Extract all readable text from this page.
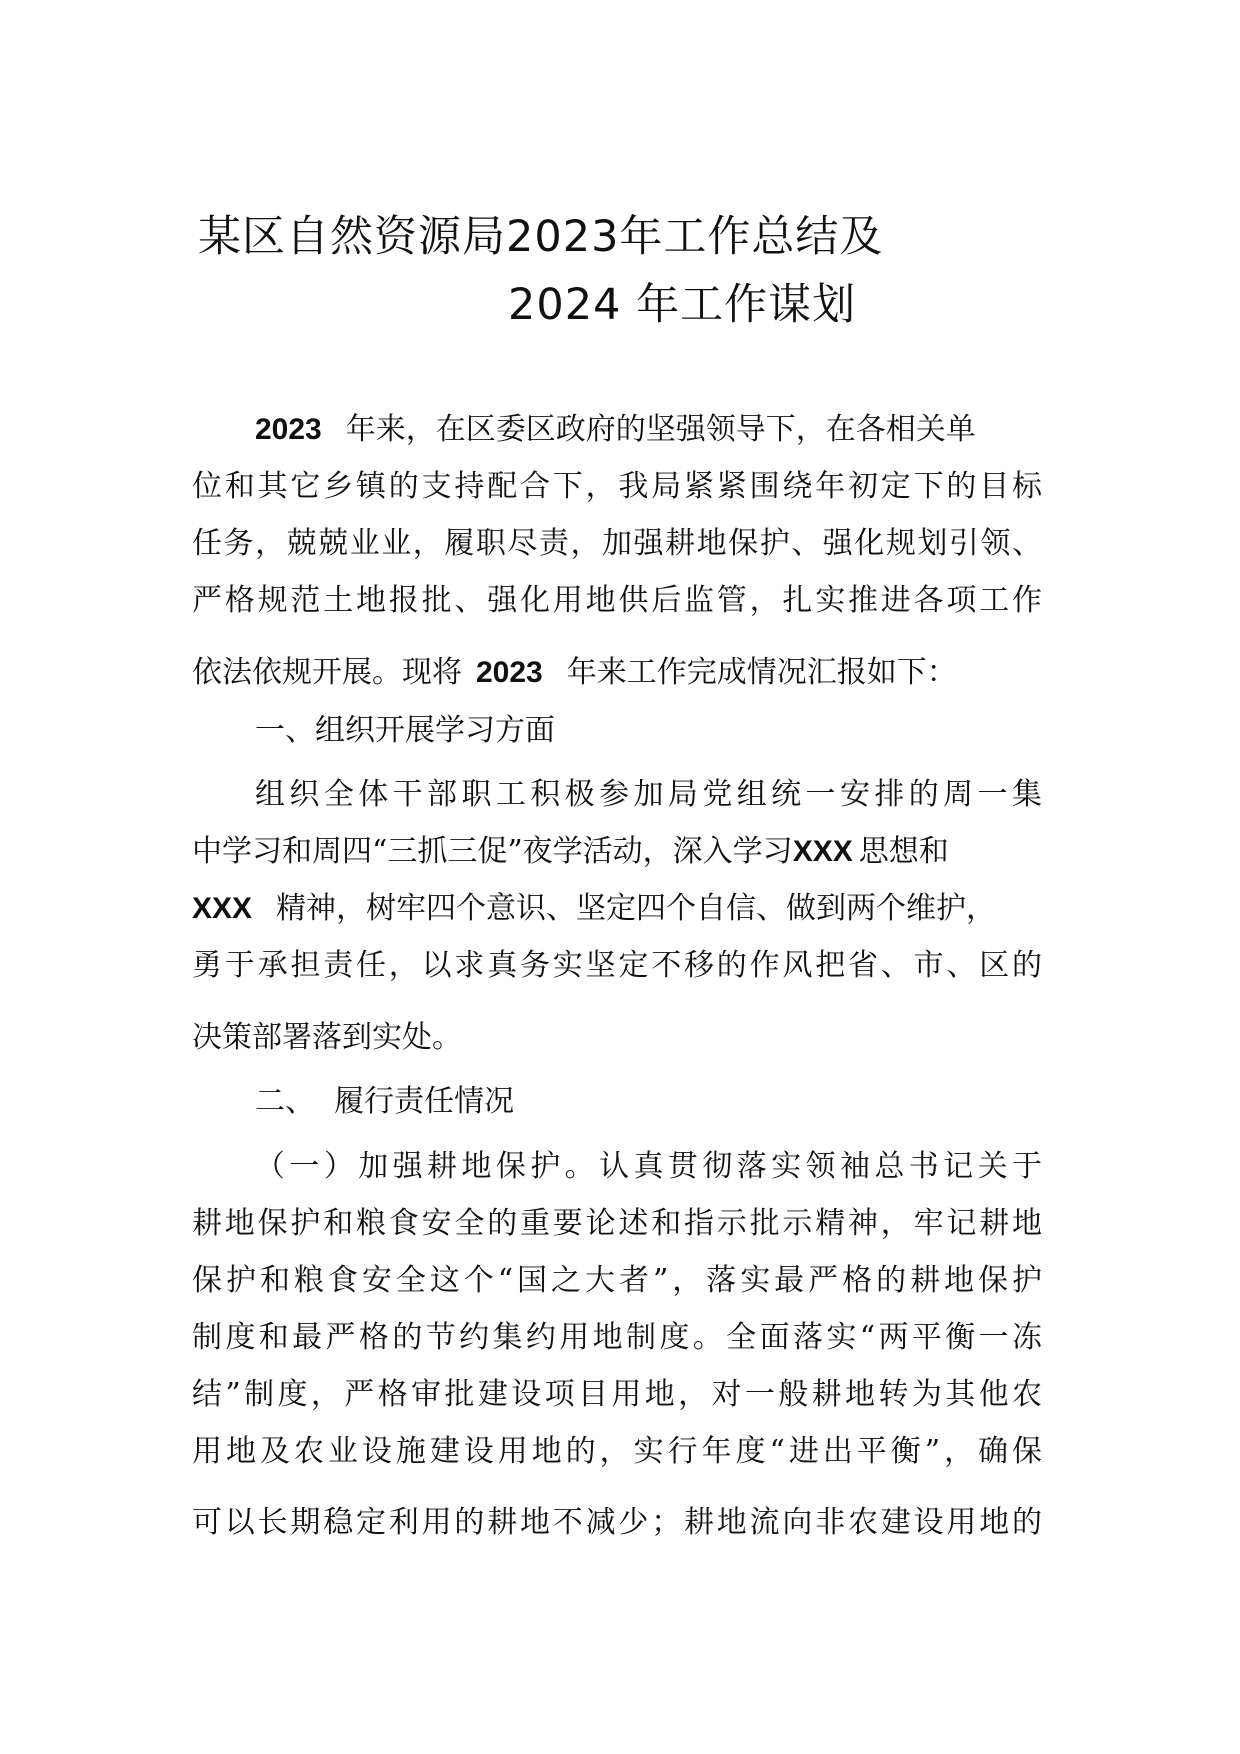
某区自然资源局2023年工作总结及
2024 年工作谋划
2023 年来，在区委区政府的坚强领导下，在各相关单
位和其它乡镇的支持配合下，我局紧紧围绕年初定下的目标
任务，兢兢业业，履职尽责，加强耕地保护、强化规划引领、
严格规范土地报批、强化用地供后监管，扎实推进各项工作
依法依规开展。现将 2023 年来工作完成情况汇报如下：
一、组织开展学习方面
组织全体干部职工积极参加局党组统一安排的周一集
中学习和周四“三抓三促”夜学活动，深入学习XXX 思想和
XXX 精神，树牢四个意识、坚定四个自信、做到两个维护，
勇于承担责任，以求真务实坚定不移的作风把省、市、区的
决策部署落到实处。
二、  履行责任情况
（一）加强耕地保护。认真贯彻落实领袖总书记关于
耕地保护和粮食安全的重要论述和指示批示精神，牢记耕地
保护和粮食安全这个“国之大者”，落实最严格的耕地保护
制度和最严格的节约集约用地制度。全面落实“两平衡一冻
结”制度，严格审批建设项目用地，对一般耕地转为其他农
用地及农业设施建设用地的，实行年度“进出平衡”，确保
可以长期稳定利用的耕地不减少；耕地流向非农建设用地的
